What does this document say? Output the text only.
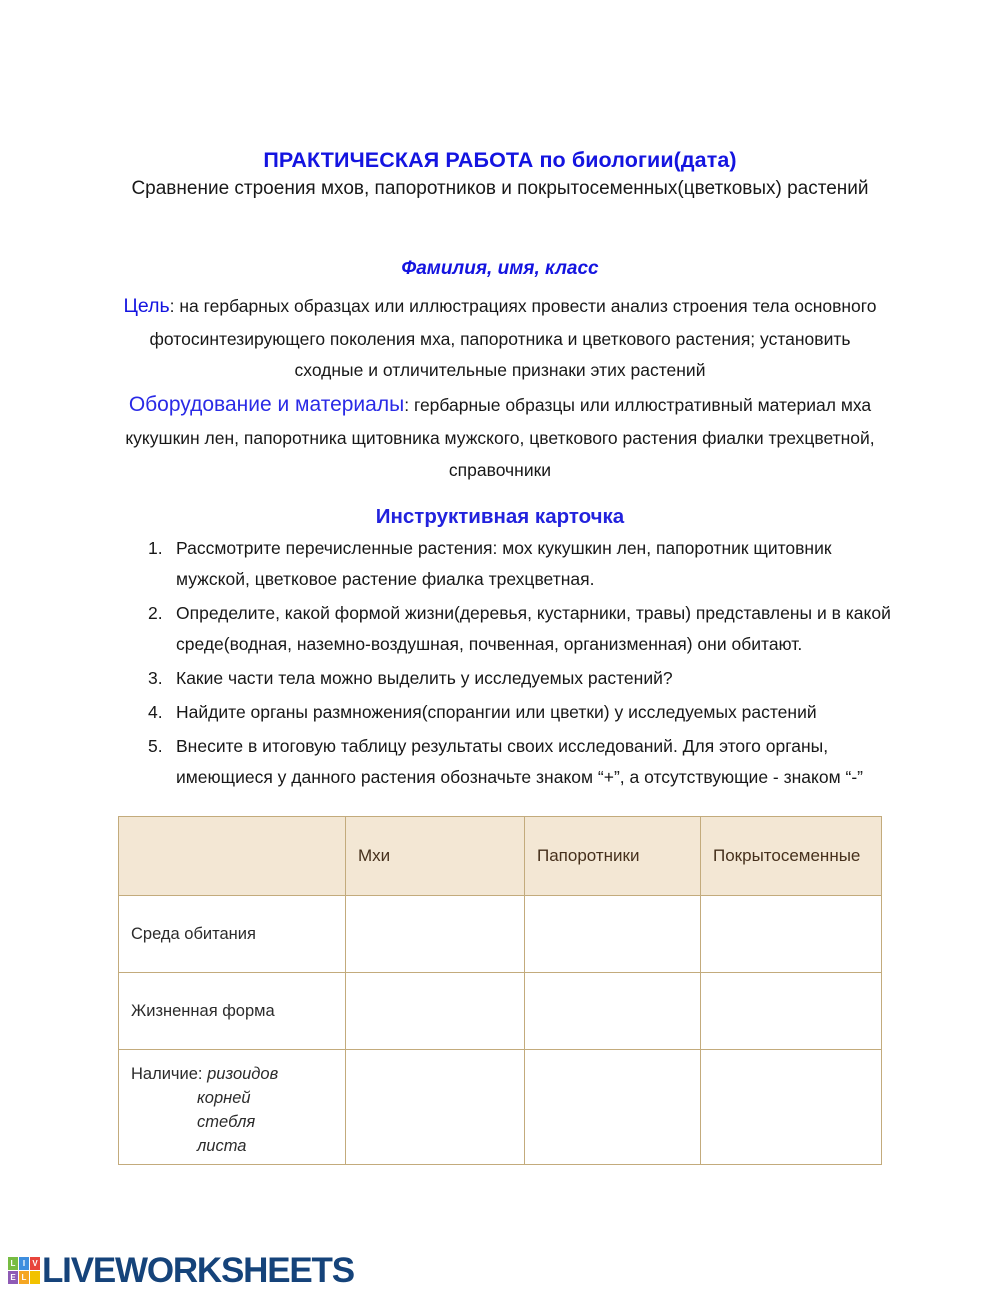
ПРАКТИЧЕСКАЯ РАБОТА по биологии(дата)
Сравнение строения мхов, папоротников и покрытосеменных(цветковых) растений
Фамилия, имя, класс
Цель: на гербарных образцах или иллюстрациях провести анализ строения тела основного фотосинтезирующего поколения мха, папоротника и цветкового растения; установить сходные и отличительные признаки этих растений
Оборудование и материалы: гербарные образцы или иллюстративный материал мха кукушкин лен, папоротника щитовника мужского, цветкового растения фиалки трехцветной, справочники
Инструктивная карточка
1. Рассмотрите перечисленные растения: мох кукушкин лен, папоротник щитовник мужской, цветковое растение фиалка трехцветная.
2. Определите, какой формой жизни(деревья, кустарники, травы) представлены и в какой среде(водная, наземно-воздушная, почвенная, организменная) они обитают.
3. Какие части тела можно выделить у исследуемых растений?
4. Найдите органы размножения(спорангии или цветки) у исследуемых растений
5. Внесите в итоговую таблицу результаты своих исследований. Для этого органы, имеющиеся у данного растения обозначьте знаком “+”, а отсутствующие - знаком “-”
	Мхи	Папоротники	Покрытосеменные
Среда обитания			
Жизненная форма			

Наличие: ризоидов
корней
стебля
листа

L I V
E L LIVEWORKSHEETS
